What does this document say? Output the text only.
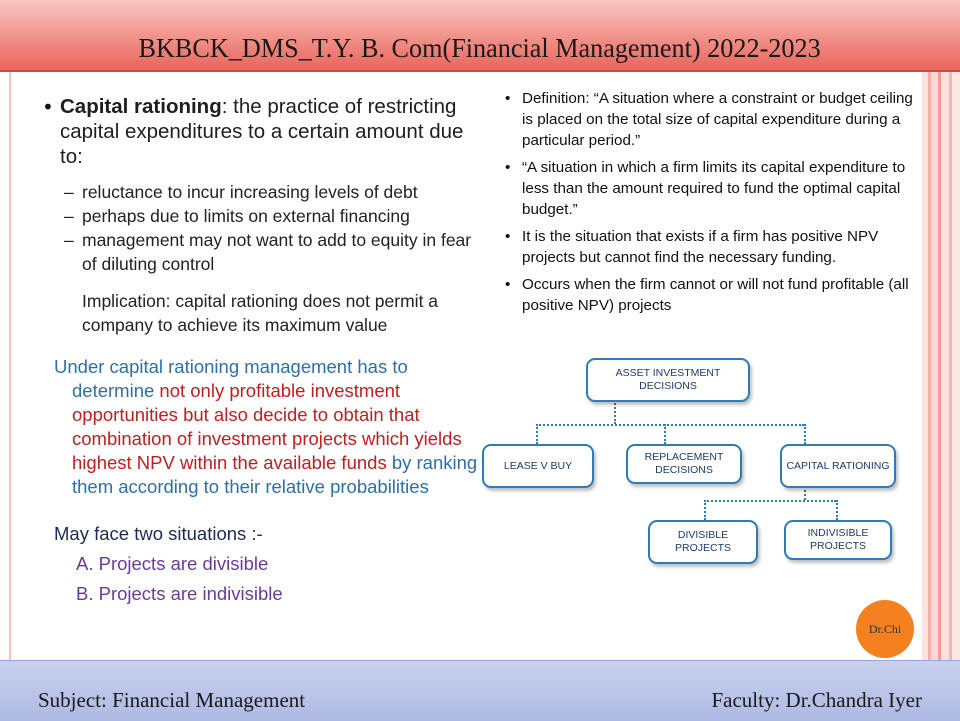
BKBCK_DMS_T.Y. B. Com(Financial Management) 2022-2023
• Capital rationing: the practice of restricting capital expenditures to a certain amount due to:
– reluctance to incur increasing levels of debt
– perhaps due to limits on external financing
– management may not want to add to equity in fear of diluting control
Implication: capital rationing does not permit a company to achieve its maximum value
Under capital rationing management has to
determine not only profitable investment opportunities but also decide to obtain that combination of investment projects which yields highest NPV within the available funds by ranking them according to their relative probabilities
May face two situations :-
A. Projects are divisible
B. Projects are indivisible
• Definition: “A situation where a constraint or budget ceiling is placed on the total size of capital expenditure during a particular period.”
• “A situation in which a firm limits its capital expenditure to less than the amount required to fund the optimal capital budget.”
• It is the situation that exists if a firm has positive NPV projects but cannot find the necessary funding.
• Occurs when the firm cannot or will not fund profitable (all positive NPV) projects
ASSET INVESTMENT DECISIONS
LEASE V BUY
REPLACEMENT DECISIONS	CAPITAL RATIONING
DIVISIBLE PROJECTS
INDIVISIBLE PROJECTS
Dr.Chi
Subject: Financial Management	Faculty: Dr.Chandra Iyer
